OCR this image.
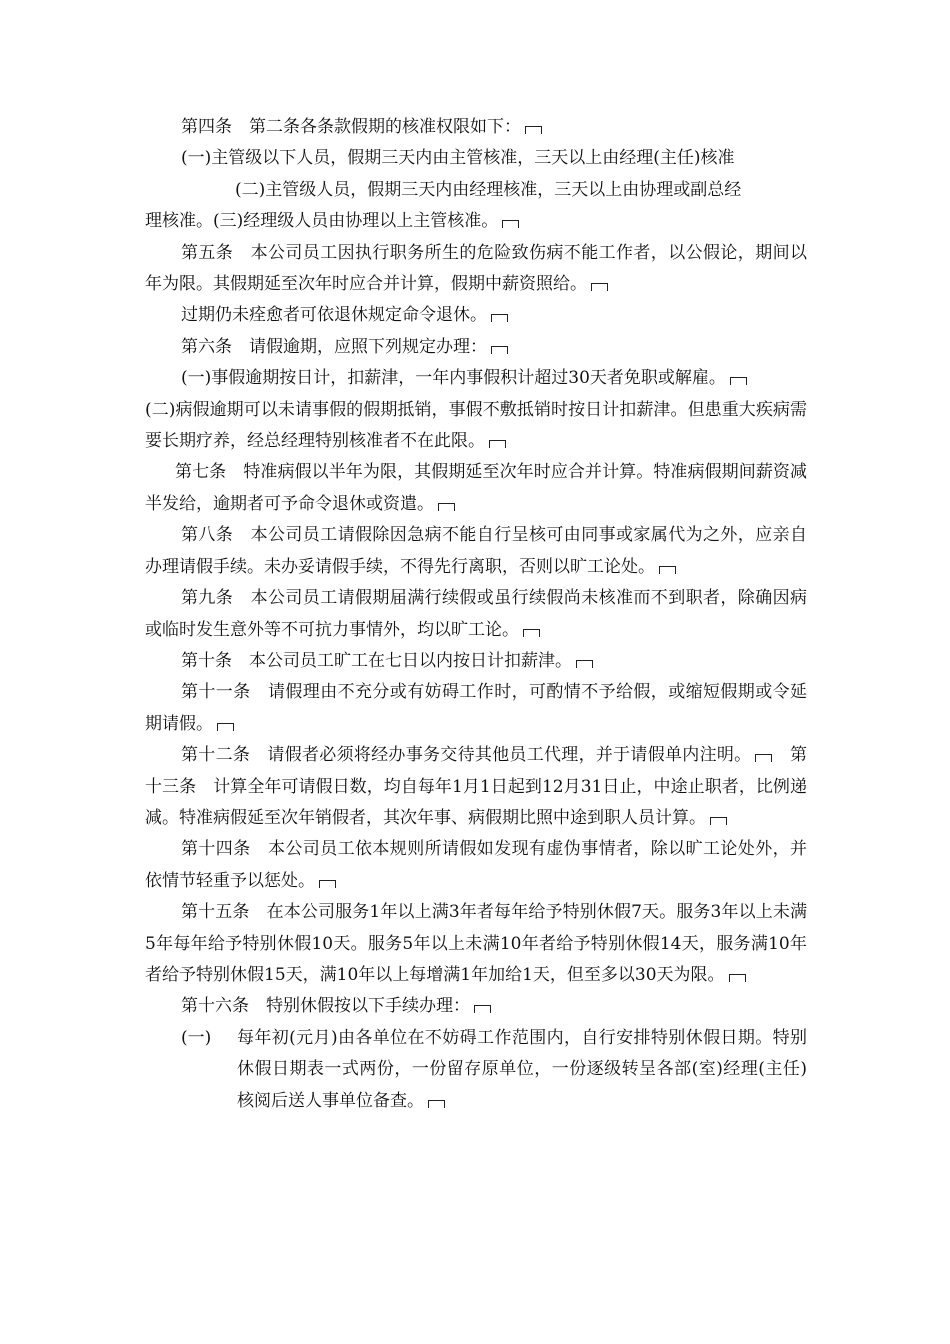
第四条　第二条各条款假期的核准权限如下：

(一)主管级以下人员，假期三天内由主管核准，三天以上由经理(主任)核准
(二)主管级人员，假期三天内由经理核准，三天以上由协理或副总经
理核准。(三)经理级人员由协理以上主管核准。

第五条　本公司员工因执行职务所生的危险致伤病不能工作者，以公假论，期间以年为限。其假期延至次年时应合并计算，假期中薪资照给。

过期仍未痊愈者可依退休规定命令退休。

第六条　请假逾期，应照下列规定办理：

(一)事假逾期按日计，扣薪津，一年内事假积计超过30天者免职或解雇。

(二)病假逾期可以未请事假的假期抵销，事假不敷抵销时按日计扣薪津。但患重大疾病需要长期疗养，经总经理特别核准者不在此限。

第七条　特准病假以半年为限，其假期延至次年时应合并计算。特准病假期间薪资减半发给，逾期者可予命令退休或资遣。

第八条　本公司员工请假除因急病不能自行呈核可由同事或家属代为之外，应亲自办理请假手续。未办妥请假手续，不得先行离职，否则以旷工论处。

第九条　本公司员工请假期届满行续假或虽行续假尚未核准而不到职者，除确因病或临时发生意外等不可抗力事情外，均以旷工论。

第十条　本公司员工旷工在七日以内按日计扣薪津。

第十一条　请假理由不充分或有妨碍工作时，可酌情不予给假，或缩短假期或令延期请假。

第十二条　请假者必须将经办事务交待其他员工代理，并于请假单内注明。　 第十三条　计算全年可请假日数，均自每年1月1日起到12月31日止，中途止职者，比例递减。特准病假延至次年销假者，其次年事、病假期比照中途到职人员计算。

第十四条　本公司员工依本规则所请假如发现有虚伪事情者，除以旷工论处外，并依情节轻重予以惩处。

第十五条　在本公司服务1年以上满3年者每年给予特别休假7天。服务3年以上未满5年每年给予特别休假10天。服务5年以上未满10年者给予特别休假14天，服务满10年者给予特别休假15天，满10年以上每增满1年加给1天，但至多以30天为限。

第十六条　特别休假按以下手续办理：

(一)	每年初(元月)由各单位在不妨碍工作范围内，自行安排特别休假日期。特别休假日期表一式两份，一份留存原单位，一份逐级转呈各部(室)经理(主任)核阅后送人事单位备查。
